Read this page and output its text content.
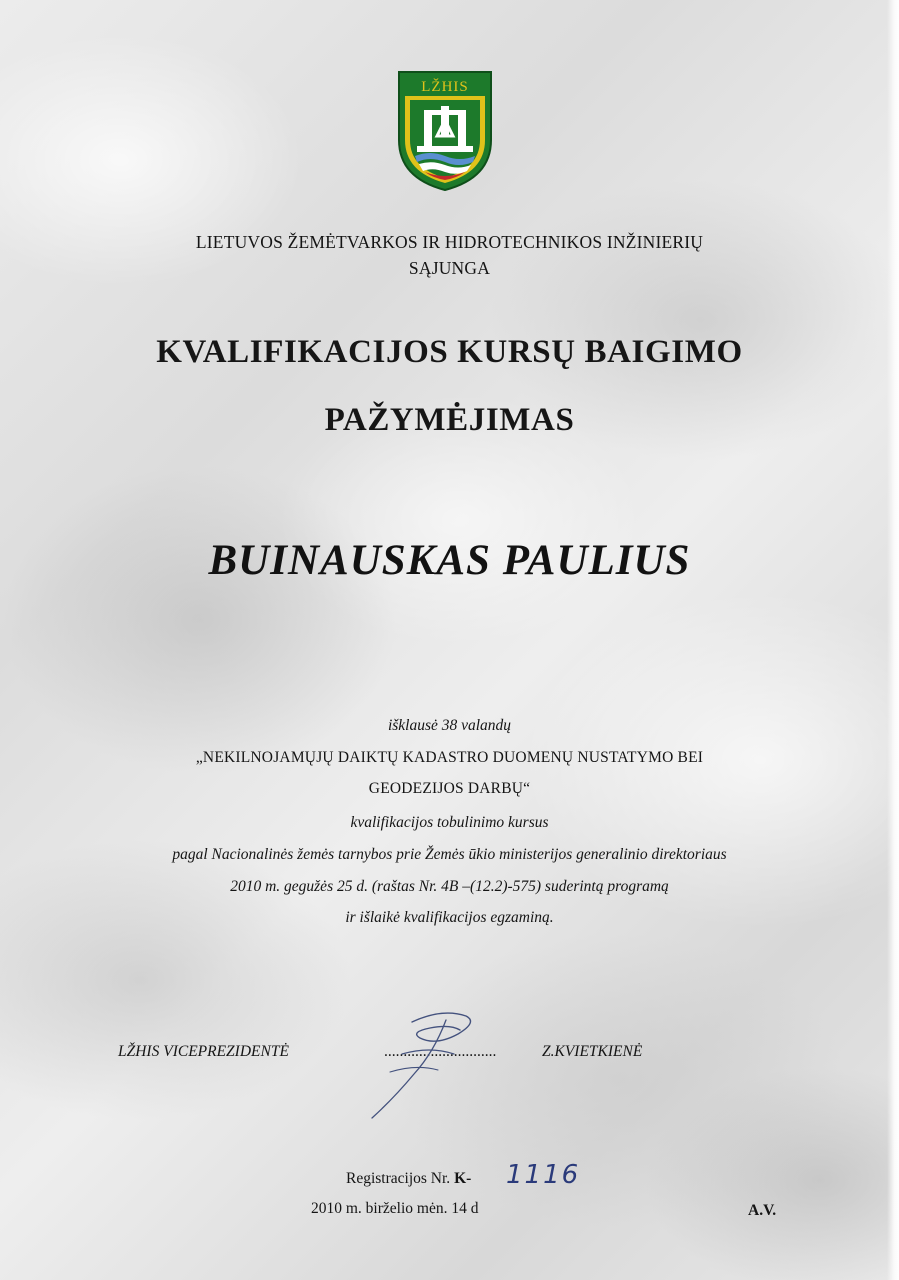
LŽHIS
LIETUVOS ŽEMĖTVARKOS IR HIDROTECHNIKOS INŽINIERIŲ
SĄJUNGA
KVALIFIKACIJOS KURSŲ BAIGIMO
PAŽYMĖJIMAS
BUINAUSKAS PAULIUS
išklausė 38 valandų
„NEKILNOJAMŲJŲ DAIKTŲ KADASTRO DUOMENŲ NUSTATYMO BEI
GEODEZIJOS DARBŲ“
kvalifikacijos tobulinimo kursus
pagal Nacionalinės žemės tarnybos prie Žemės ūkio ministerijos generalinio direktoriaus
2010 m. gegužės 25 d. (raštas Nr. 4B –(12.2)-575) suderintą programą
ir išlaikė kvalifikacijos egzaminą.
LŽHIS VICEPREZIDENTĖ	.............................	Z.KVIETKIENĖ
Registracijos Nr. K- 1116
2010 m. birželio mėn. 14 d	A.V.
